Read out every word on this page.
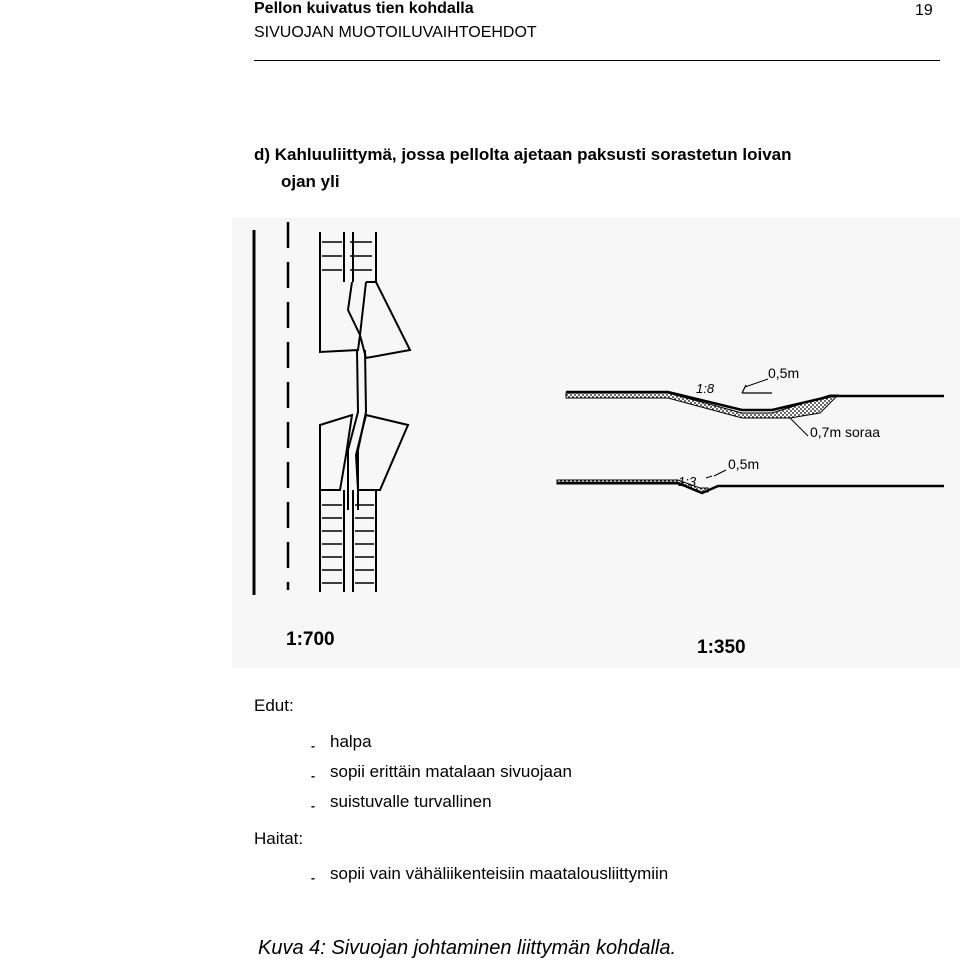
Pellon kuivatus tien kohdalla
SIVUOJAN MUOTOILUVAIHTOEHDOT
19
d) Kahluuliittymä, jossa pellolta ajetaan paksusti sorastetun loivan
ojan yli
1:8
0,5m
0,7m soraa
1:3
0,5m
1:700	1:350
Edut:
- halpa
- sopii erittäin matalaan sivuojaan
- suistuvalle turvallinen
Haitat:
- sopii vain vähäliikenteisiin maatalousliittymiin
Kuva 4: Sivuojan johtaminen liittymän kohdalla.
